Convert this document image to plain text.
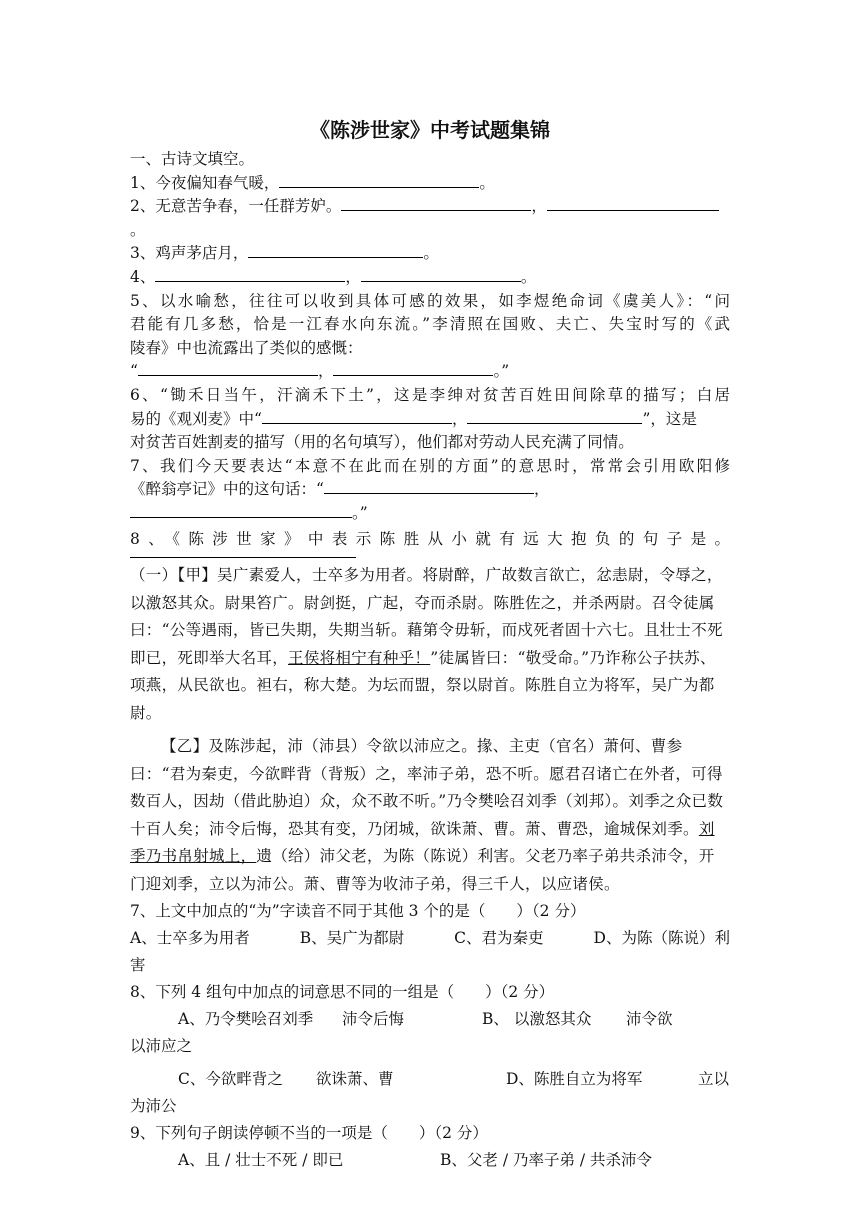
《陈涉世家》中考试题集锦

一、古诗文填空。

1、今夜偏知春气暖，	。

2、无意苦争春，一任群芳妒。	，。

3、鸡声茅店月，	。

4、	，	。

5、以水喻愁，往往可以收到具体可感的效果，如李煜绝命词《虞美人》：“问

君能有几多愁，恰是一江春水向东流。”李清照在国败、夫亡、失宝时写的《武

陵春》中也流露出了类似的感慨：

“	，	。”

6、“锄禾日当午，汗滴禾下土”，这是李绅对贫苦百姓田间除草的描写；白居

易的《观刈麦》中“	，	”，这是

对贫苦百姓割麦的描写（用的名句填写），他们都对劳动人民充满了同情。

7、我们今天要表达“本意不在此而在别的方面”的意思时，常常会引用欧阳修

《醉翁亭记》中的这句话：“	，

。”

8、《陈涉世家》中表示陈胜从小就有远大抱负的句子是。

（一）【甲】吴广素爱人，士卒多为用者。将尉醉，广故数言欲亡，忿恚尉，令辱之，以激怒其众。尉果笞广。尉剑挺，广起，夺而杀尉。陈胜佐之，并杀两尉。召令徒属曰：“公等遇雨，皆已失期，失期当斩。藉第令毋斩，而戍死者固十六七。且壮士不死即已，死即举大名耳，王侯将相宁有种乎！”徒属皆曰：“敬受命。”乃诈称公子扶苏、项燕，从民欲也。袒右，称大楚。为坛而盟，祭以尉首。陈胜自立为将军，吴广为都尉。

【乙】及陈涉起，沛（沛县）令欲以沛应之。掾、主吏（官名）萧何、曹参曰：“君为秦吏，今欲畔背（背叛）之，率沛子弟，恐不听。愿君召诸亡在外者，可得数百人，因劫（借此胁迫）众，众不敢不听。”乃令樊哙召刘季（刘邦）。刘季之众已数十百人矣；沛令后悔，恐其有变，乃闭城，欲诛萧、曹。萧、曹恐，逾城保刘季。刘季乃书帛射城上，遗（给）沛父老，为陈（陈说）利害。父老乃率子弟共杀沛令，开门迎刘季，立以为沛公。萧、曹等为收沛子弟，得三千人，以应诸侯。

7、上文中加点的“为”字读音不同于其他 3 个的是（　　）（2 分）

A、士卒多为用者	B、吴广为都尉	C、君为秦吏	D、为陈（陈说）利

害

8、下列 4 组句中加点的词意思不同的一组是（　　）（2 分）

A、乃令樊哙召刘季	沛令后悔	B、 以激怒其众	沛令欲

以沛应之

C、今欲畔背之	欲诛萧、曹	D、陈胜自立为将军	立以

为沛公

9、下列句子朗读停顿不当的一项是（　　）（2 分）

A、且 / 壮士不死 / 即已	B、父老 / 乃率子弟 / 共杀沛令
